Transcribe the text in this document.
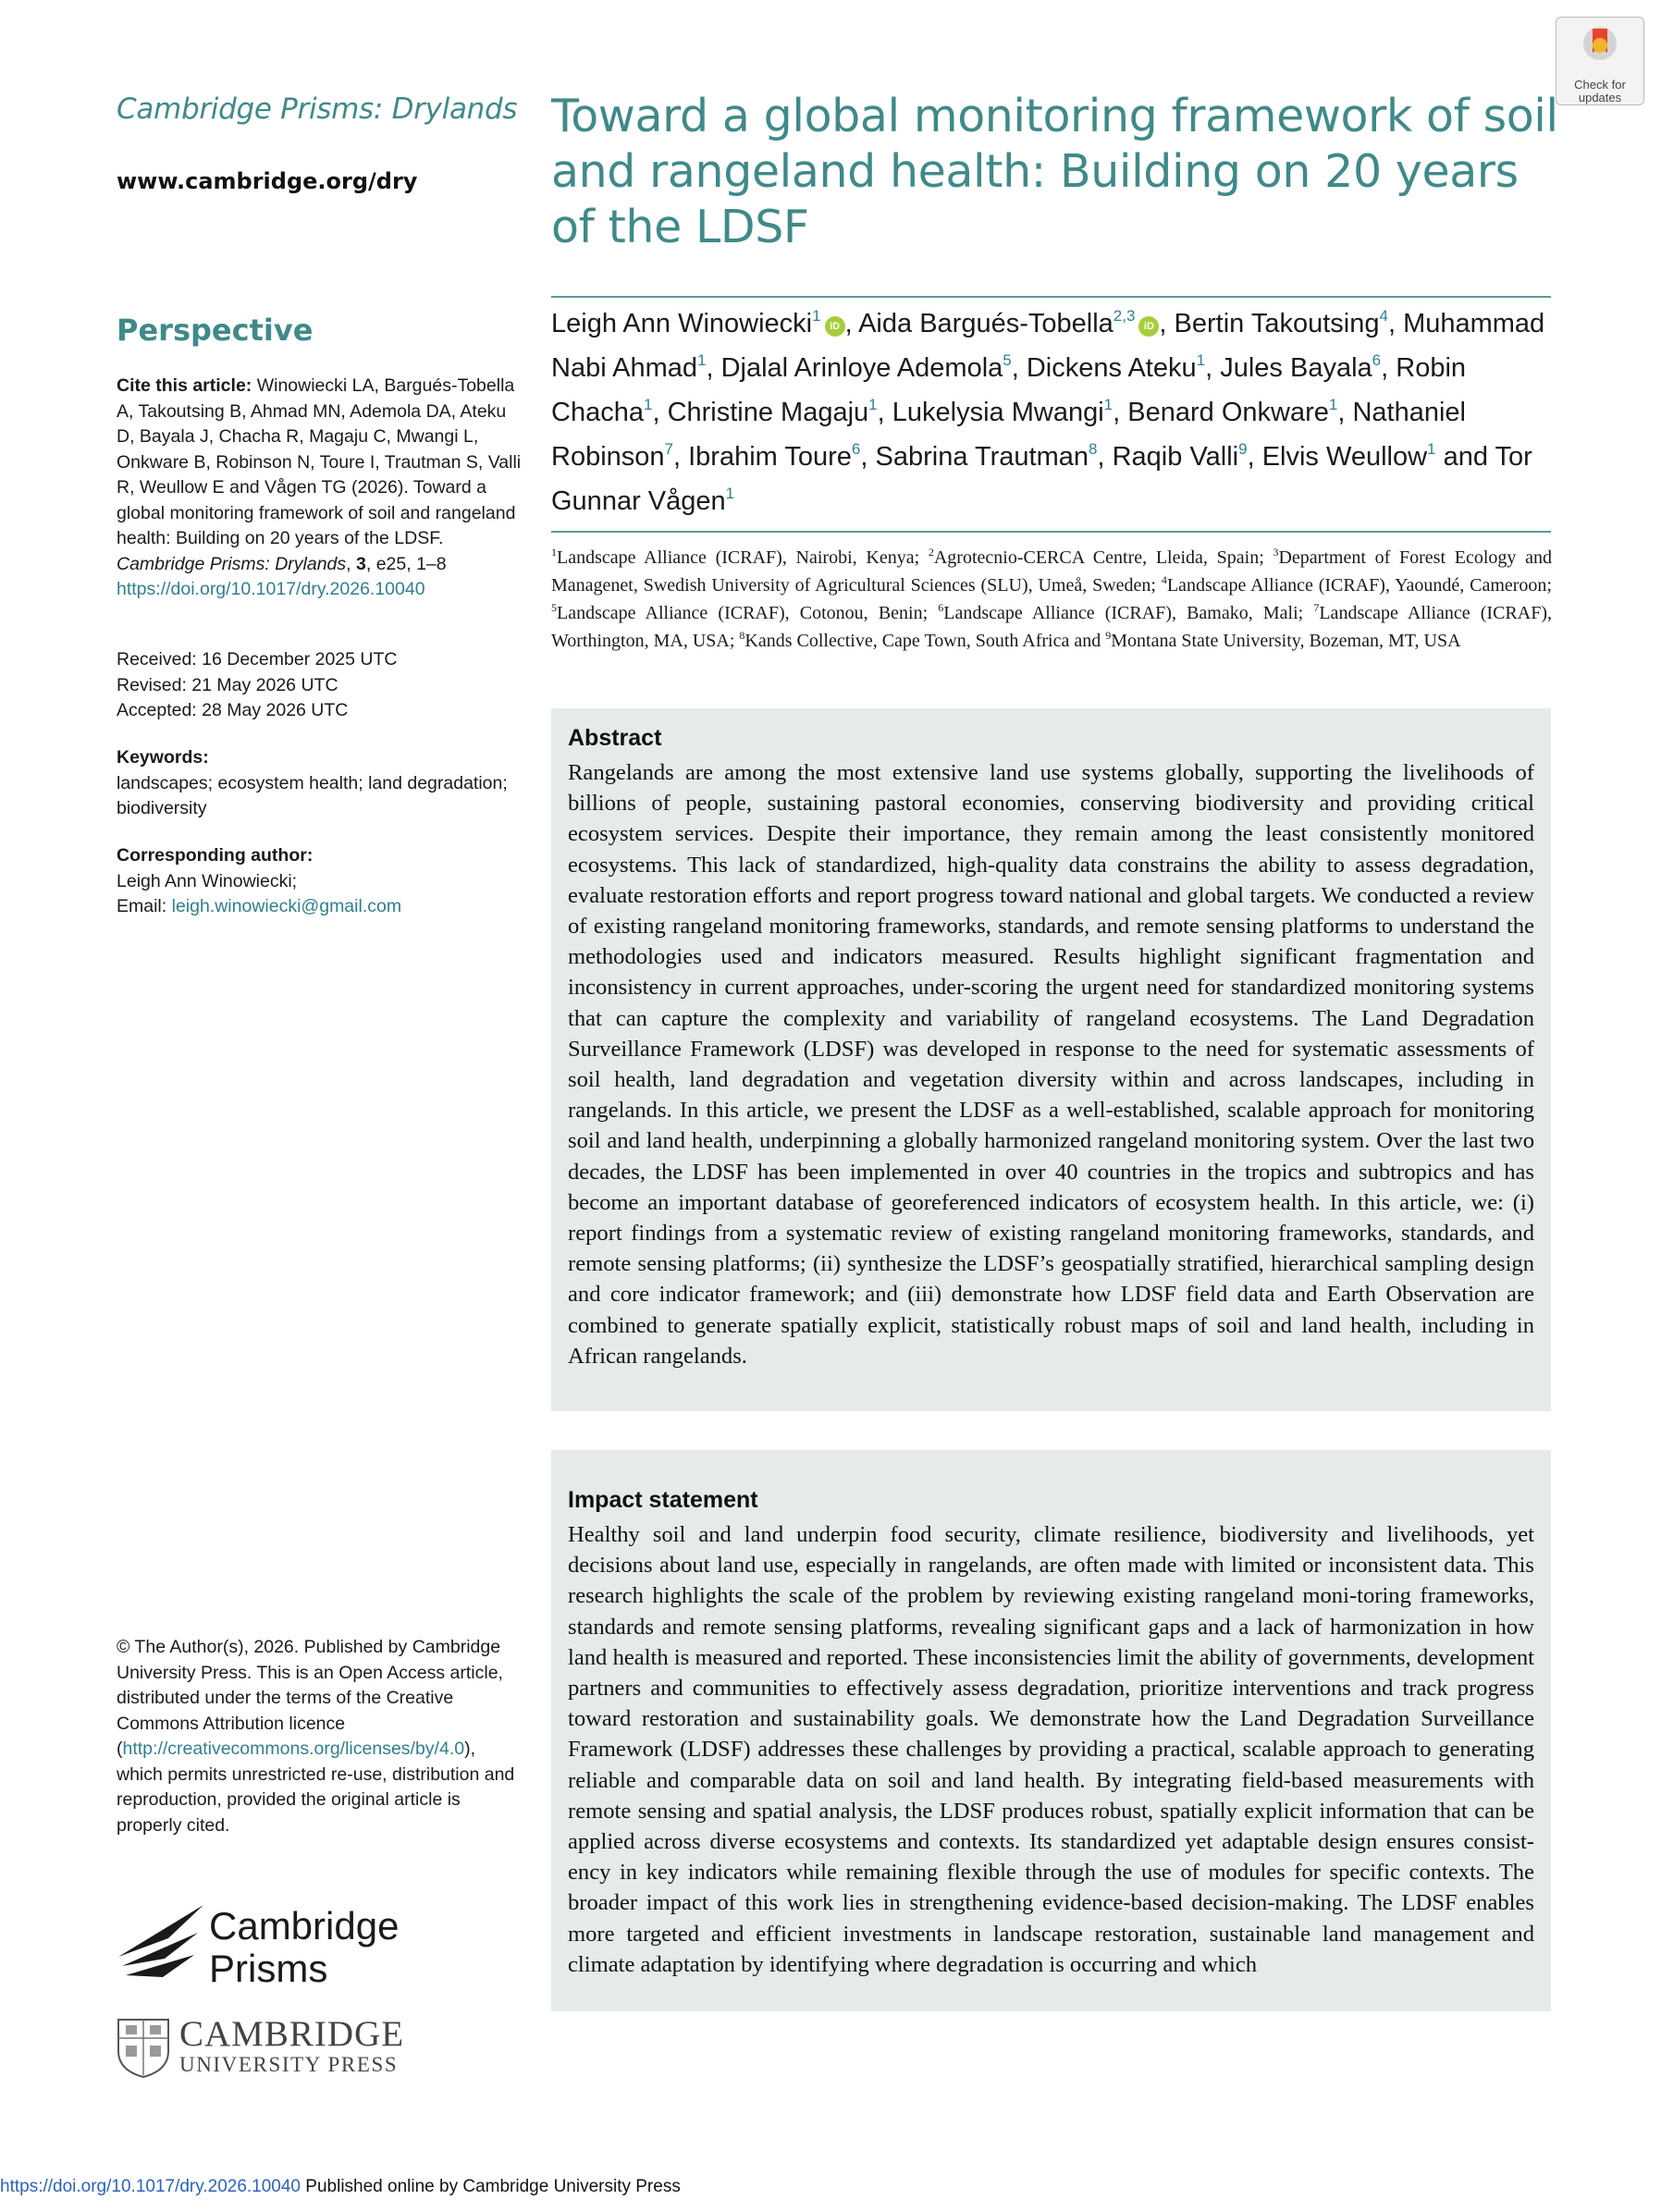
Check for updates
Cambridge Prisms: Drylands
www.cambridge.org/dry
Perspective
Cite this article: Winowiecki LA, Bargués-Tobella A, Takoutsing B, Ahmad MN, Ademola DA, Ateku D, Bayala J, Chacha R, Magaju C, Mwangi L, Onkware B, Robinson N, Toure I, Trautman S, Valli R, Weullow E and Vågen TG (2026). Toward a global monitoring framework of soil and rangeland health: Building on 20 years of the LDSF. Cambridge Prisms: Drylands, 3, e25, 1–8
https://doi.org/10.1017/dry.2026.10040
Received: 16 December 2025 UTC
Revised: 21 May 2026 UTC
Accepted: 28 May 2026 UTC
Keywords:
landscapes; ecosystem health; land degradation; biodiversity
Corresponding author:
Leigh Ann Winowiecki;
Email: leigh.winowiecki@gmail.com
© The Author(s), 2026. Published by Cambridge University Press. This is an Open Access article, distributed under the terms of the Creative Commons Attribution licence (http://creativecommons.org/licenses/by/4.0), which permits unrestricted re-use, distribution and reproduction, provided the original article is properly cited.
Cambridge
Prisms
CAMBRIDGE
UNIVERSITY PRESS
Toward a global monitoring framework of soil and rangeland health: Building on 20 years of the LDSF
Leigh Ann Winowiecki$^1$iD , Aida Bargués-Tobella$^{2,3}$iD , Bertin Takoutsing$^4$, Muhammad Nabi Ahmad$^1$, Djalal Arinloye Ademola$^5$, Dickens Ateku$^1$, Jules Bayala$^6$, Robin Chacha$^1$, Christine Magaju$^1$, Lukelysia Mwangi$^1$, Benard Onkware$^1$, Nathaniel Robinson$^7$, Ibrahim Toure$^6$, Sabrina Trautman$^8$, Raqib Valli$^9$, Elvis Weullow$^1$ and Tor Gunnar Vågen$^1$
$^1$Landscape Alliance (ICRAF), Nairobi, Kenya; $^2$Agrotecnio-CERCA Centre, Lleida, Spain; $^3$Department of Forest Ecology and Managenet, Swedish University of Agricultural Sciences (SLU), Umeå, Sweden; $^4$Landscape Alliance (ICRAF), Yaoundé, Cameroon; $^5$Landscape Alliance (ICRAF), Cotonou, Benin; $^6$Landscape Alliance (ICRAF), Bamako, Mali; $^7$Landscape Alliance (ICRAF), Worthington, MA, USA; $^8$Kands Collective, Cape Town, South Africa and $^9$Montana State University, Bozeman, MT, USA
Abstract
Rangelands are among the most extensive land use systems globally, supporting the livelihoods of billions of people, sustaining pastoral economies, conserving biodiversity and providing critical ecosystem services. Despite their importance, they remain among the least consistently monitored ecosystems. This lack of standardized, high-quality data constrains the ability to assess degradation, evaluate restoration efforts and report progress toward national and global targets. We conducted a review of existing rangeland monitoring frameworks, standards, and remote sensing platforms to understand the methodologies used and indicators measured. Results highlight significant fragmentation and inconsistency in current approaches, under-scoring the urgent need for standardized monitoring systems that can capture the complexity and variability of rangeland ecosystems. The Land Degradation Surveillance Framework (LDSF) was developed in response to the need for systematic assessments of soil health, land degradation and vegetation diversity within and across landscapes, including in rangelands. In this article, we present the LDSF as a well-established, scalable approach for monitoring soil and land health, underpinning a globally harmonized rangeland monitoring system. Over the last two decades, the LDSF has been implemented in over 40 countries in the tropics and subtropics and has become an important database of georeferenced indicators of ecosystem health. In this article, we: (i) report findings from a systematic review of existing rangeland monitoring frameworks, standards, and remote sensing platforms; (ii) synthesize the LDSF’s geospatially stratified, hierarchical sampling design and core indicator framework; and (iii) demonstrate how LDSF field data and Earth Observation are combined to generate spatially explicit, statistically robust maps of soil and land health, including in African rangelands.
Impact statement
Healthy soil and land underpin food security, climate resilience, biodiversity and livelihoods, yet decisions about land use, especially in rangelands, are often made with limited or inconsistent data. This research highlights the scale of the problem by reviewing existing rangeland moni-toring frameworks, standards and remote sensing platforms, revealing significant gaps and a lack of harmonization in how land health is measured and reported. These inconsistencies limit the ability of governments, development partners and communities to effectively assess degradation, prioritize interventions and track progress toward restoration and sustainability goals. We demonstrate how the Land Degradation Surveillance Framework (LDSF) addresses these challenges by providing a practical, scalable approach to generating reliable and comparable data on soil and land health. By integrating field-based measurements with remote sensing and spatial analysis, the LDSF produces robust, spatially explicit information that can be applied across diverse ecosystems and contexts. Its standardized yet adaptable design ensures consist-ency in key indicators while remaining flexible through the use of modules for specific contexts. The broader impact of this work lies in strengthening evidence-based decision-making. The LDSF enables more targeted and efficient investments in landscape restoration, sustainable land management and climate adaptation by identifying where degradation is occurring and which
https://doi.org/10.1017/dry.2026.10040 Published online by Cambridge University Press
